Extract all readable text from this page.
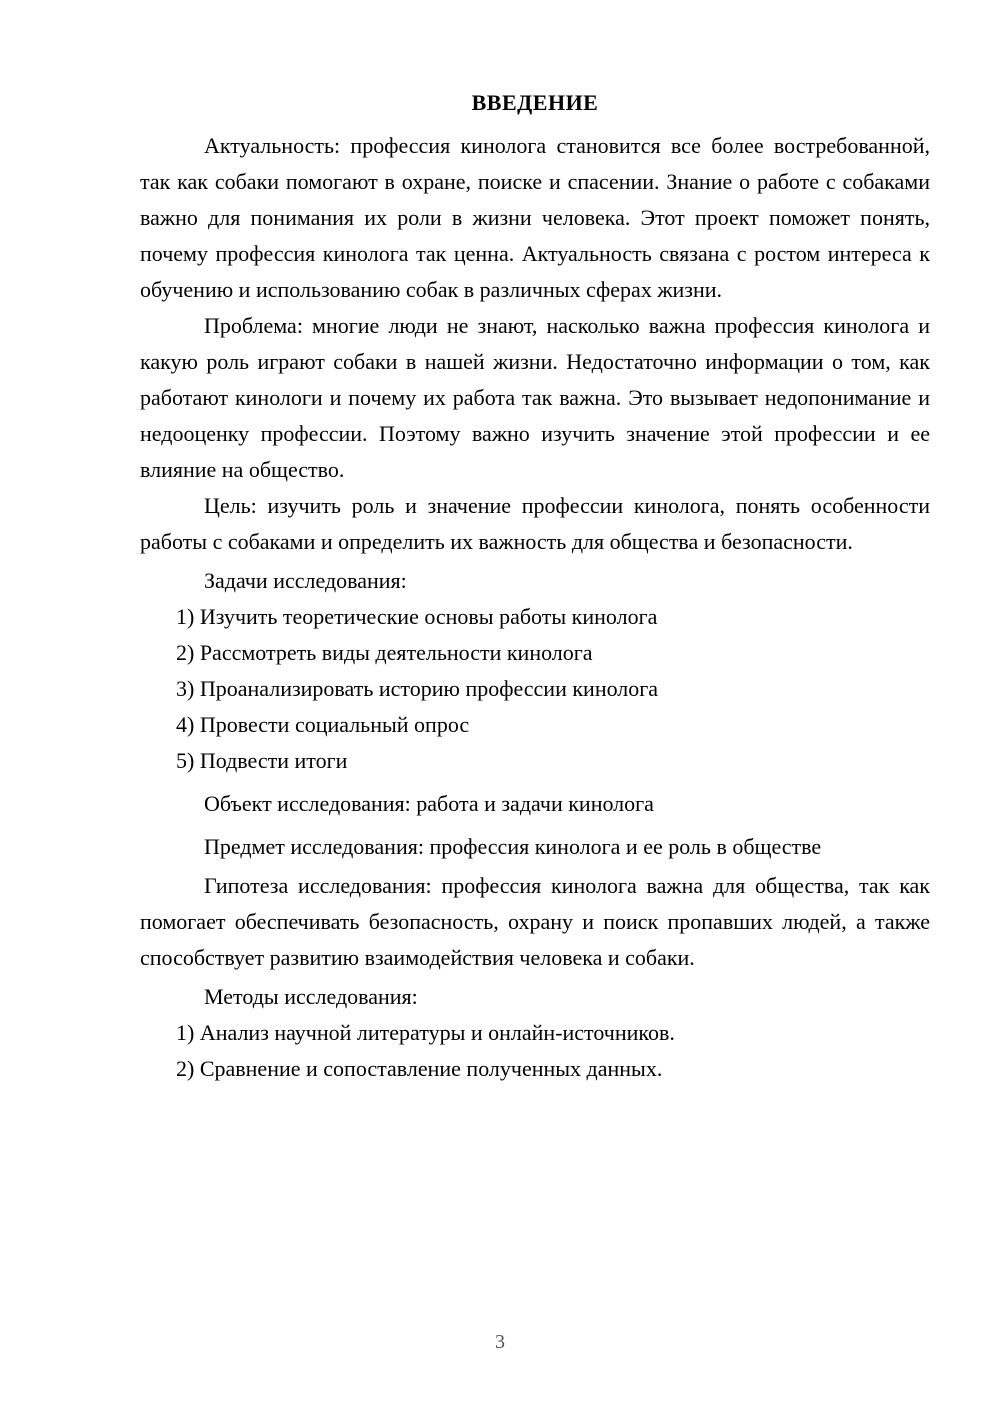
ВВЕДЕНИЕ

Актуальность: профессия кинолога становится все более востребованной, так как собаки помогают в охране, поиске и спасении. Знание о работе с собаками важно для понимания их роли в жизни человека. Этот проект поможет понять, почему профессия кинолога так ценна. Актуальность связана с ростом интереса к обучению и использованию собак в различных сферах жизни.

Проблема: многие люди не знают, насколько важна профессия кинолога и какую роль играют собаки в нашей жизни. Недостаточно информации о том, как работают кинологи и почему их работа так важна. Это вызывает недопонимание и недооценку профессии. Поэтому важно изучить значение этой профессии и ее влияние на общество.

Цель: изучить роль и значение профессии кинолога, понять особенности работы с собаками и определить их важность для общества и безопасности.

Задачи исследования:

1) Изучить теоретические основы работы кинолога
2) Рассмотреть виды деятельности кинолога
3) Проанализировать историю профессии кинолога
4) Провести социальный опрос
5) Подвести итоги

Объект исследования: работа и задачи кинолога

Предмет исследования: профессия кинолога и ее роль в обществе

Гипотеза исследования: профессия кинолога важна для общества, так как помогает обеспечивать безопасность, охрану и поиск пропавших людей, а также способствует развитию взаимодействия человека и собаки.

Методы исследования:

1) Анализ научной литературы и онлайн-источников.
2) Сравнение и сопоставление полученных данных.
3
